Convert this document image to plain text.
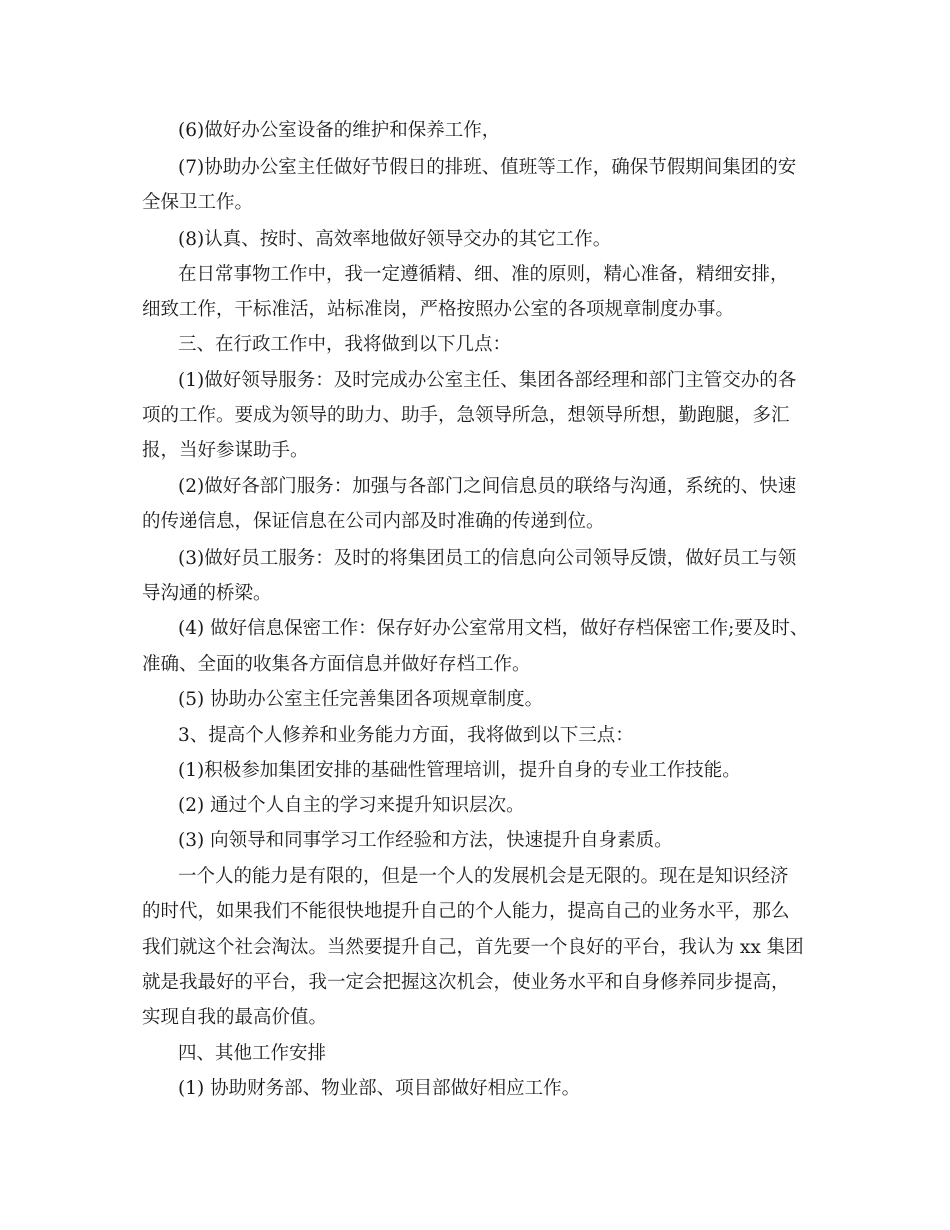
(6)做好办公室设备的维护和保养工作，
(7)协助办公室主任做好节假日的排班、值班等工作，确保节假期间集团的安
全保卫工作。
(8)认真、按时、高效率地做好领导交办的其它工作。
在日常事物工作中，我一定遵循精、细、准的原则，精心准备，精细安排，
细致工作，干标准活，站标准岗，严格按照办公室的各项规章制度办事。
三、在行政工作中，我将做到以下几点：
(1)做好领导服务：及时完成办公室主任、集团各部经理和部门主管交办的各
项的工作。要成为领导的助力、助手，急领导所急，想领导所想，勤跑腿，多汇
报，当好参谋助手。
(2)做好各部门服务：加强与各部门之间信息员的联络与沟通，系统的、快速
的传递信息，保证信息在公司内部及时准确的传递到位。
(3)做好员工服务：及时的将集团员工的信息向公司领导反馈，做好员工与领
导沟通的桥梁。
(4) 做好信息保密工作：保存好办公室常用文档，做好存档保密工作;要及时、
准确、全面的收集各方面信息并做好存档工作。
(5) 协助办公室主任完善集团各项规章制度。
3、提高个人修养和业务能力方面，我将做到以下三点：
(1)积极参加集团安排的基础性管理培训，提升自身的专业工作技能。
(2) 通过个人自主的学习来提升知识层次。
(3) 向领导和同事学习工作经验和方法，快速提升自身素质。
一个人的能力是有限的，但是一个人的发展机会是无限的。现在是知识经济
的时代，如果我们不能很快地提升自己的个人能力，提高自己的业务水平，那么
我们就这个社会淘汰。当然要提升自己，首先要一个良好的平台，我认为 xx 集团
就是我最好的平台，我一定会把握这次机会，使业务水平和自身修养同步提高，
实现自我的最高价值。
四、其他工作安排
(1) 协助财务部、物业部、项目部做好相应工作。
